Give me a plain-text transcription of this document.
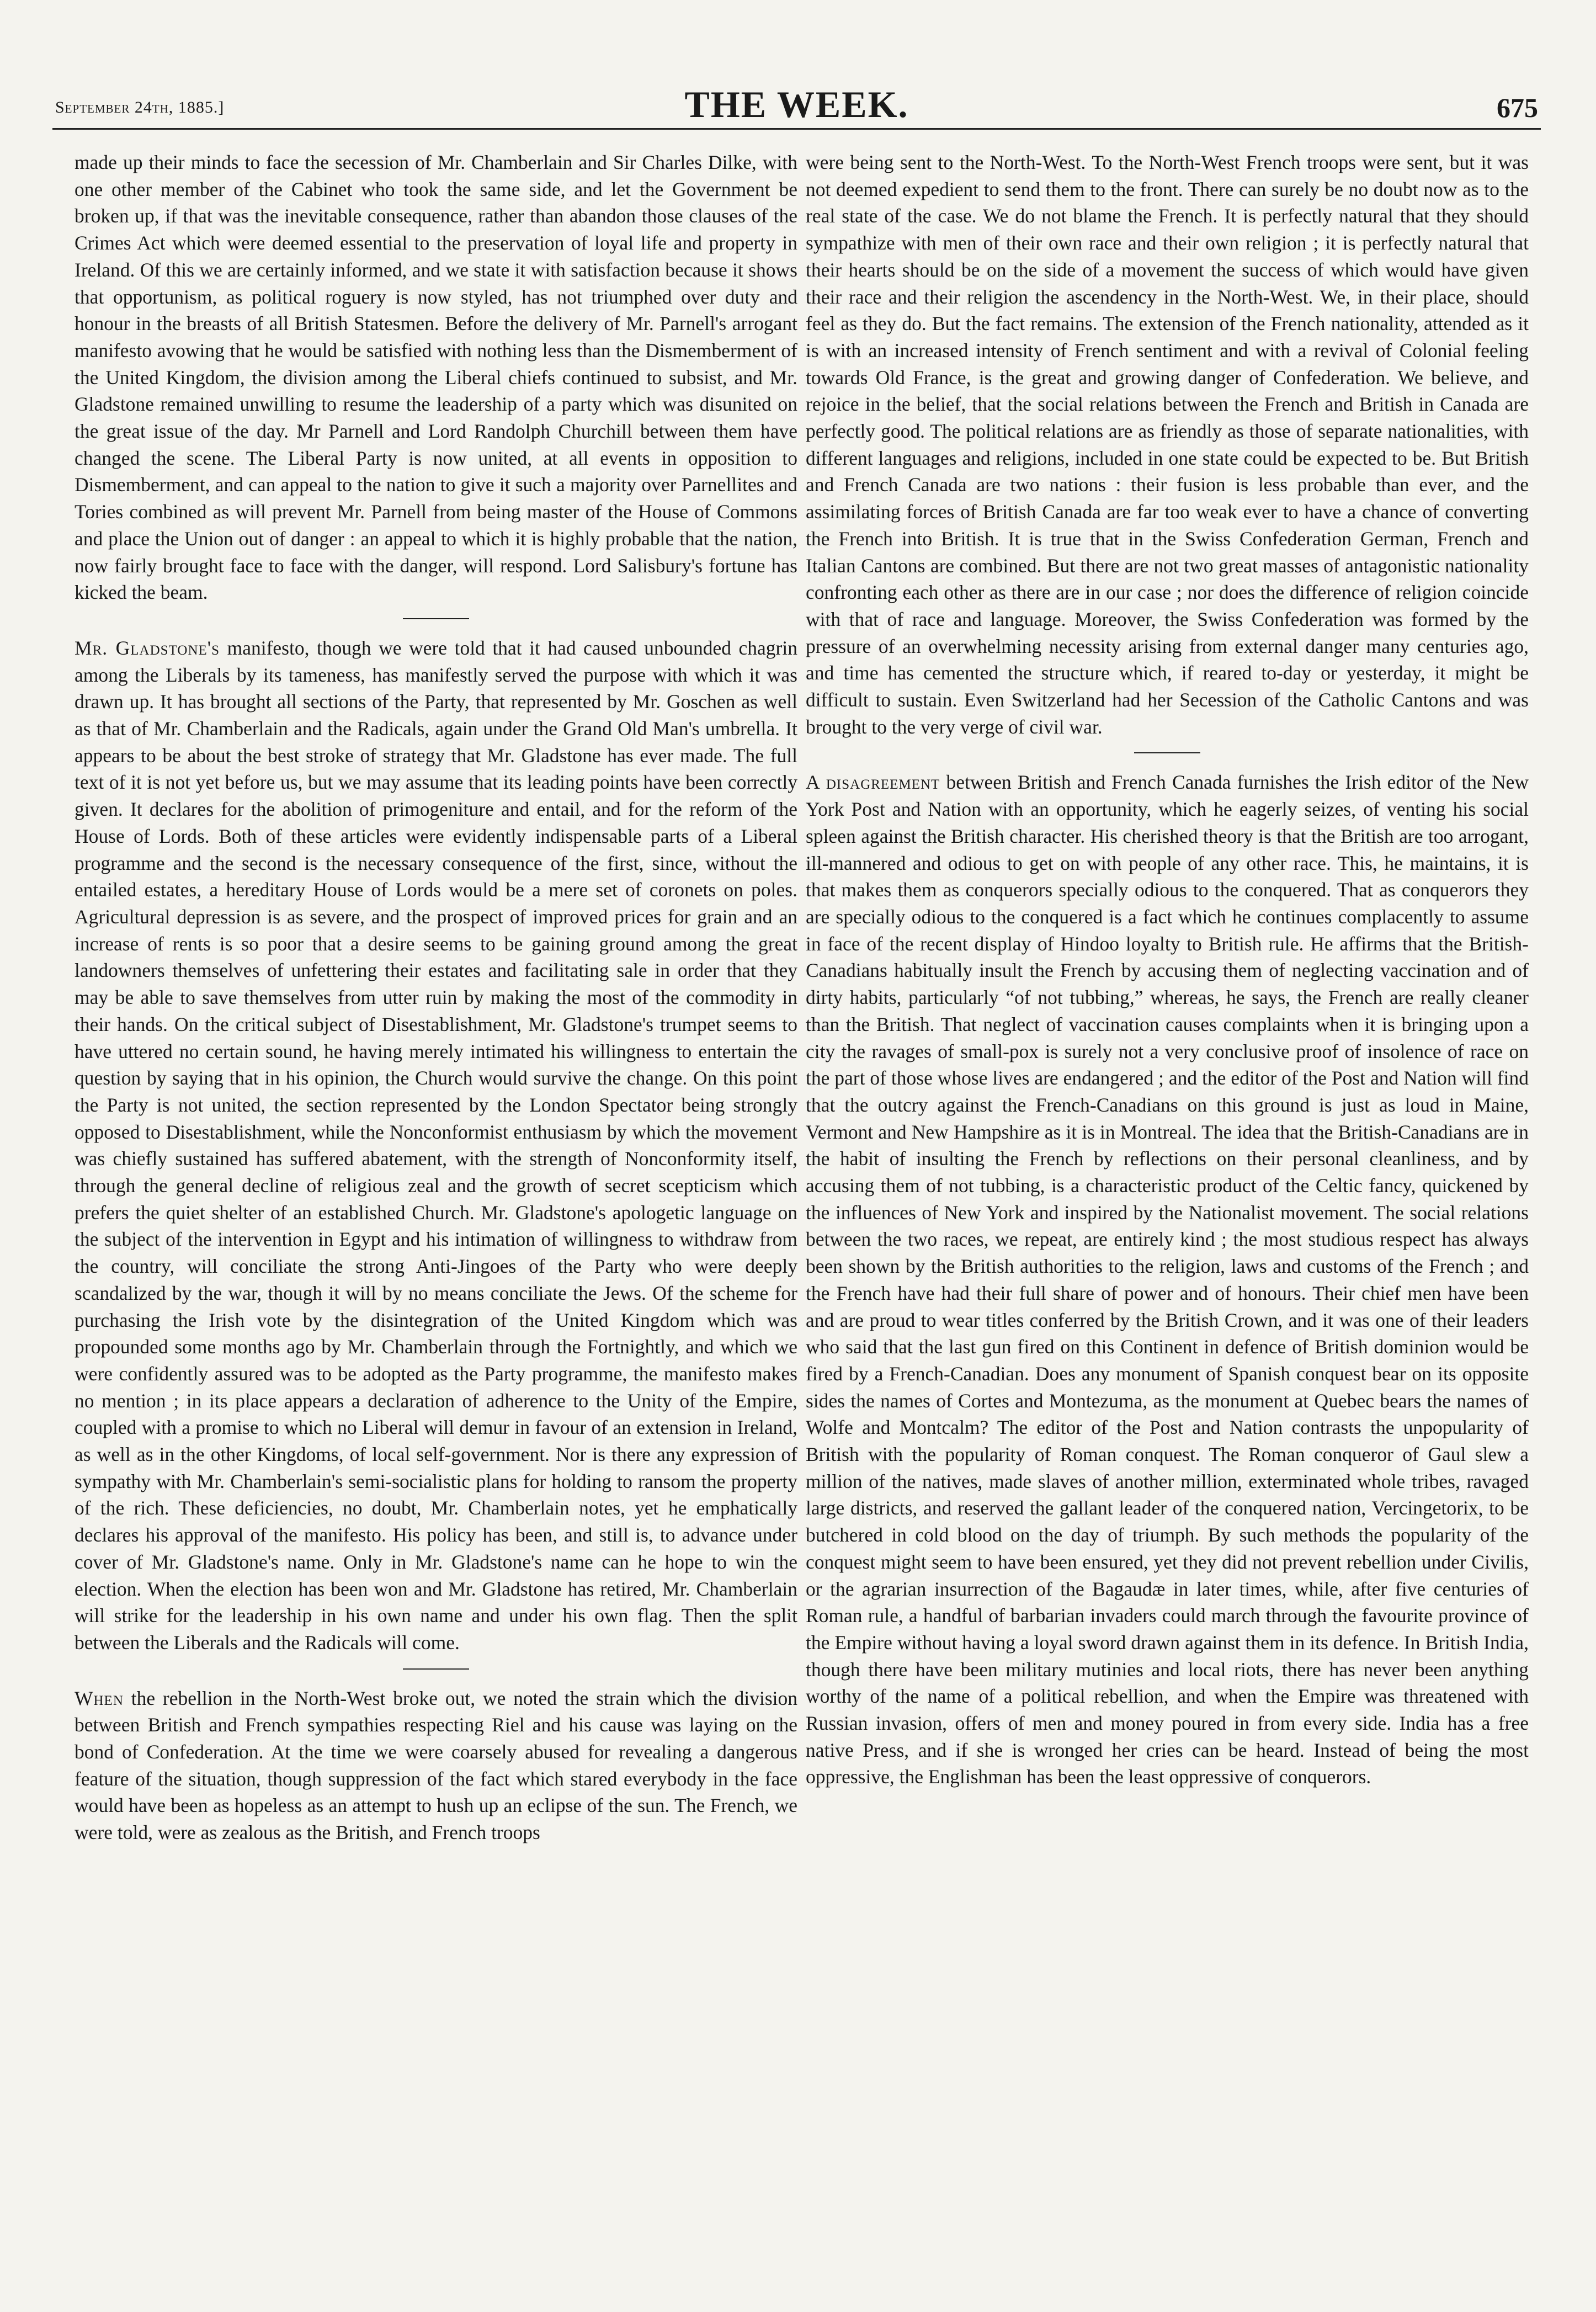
September 24th, 1885.]	THE WEEK.	675

made up their minds to face the secession of Mr. Chamberlain and Sir Charles Dilke, with one other member of the Cabinet who took the same side, and let the Government be broken up, if that was the inevitable consequence, rather than abandon those clauses of the Crimes Act which were deemed essential to the preservation of loyal life and property in Ireland. Of this we are certainly informed, and we state it with satisfaction because it shows that opportunism, as political roguery is now styled, has not triumphed over duty and honour in the breasts of all British Statesmen. Before the delivery of Mr. Parnell's arrogant manifesto avowing that he would be satisfied with nothing less than the Dismemberment of the United Kingdom, the division among the Liberal chiefs continued to subsist, and Mr. Gladstone remained unwilling to resume the leadership of a party which was disunited on the great issue of the day. Mr Parnell and Lord Randolph Churchill between them have changed the scene. The Liberal Party is now united, at all events in opposition to Dismemberment, and can appeal to the nation to give it such a majority over Parnellites and Tories combined as will prevent Mr. Parnell from being master of the House of Commons and place the Union out of danger : an appeal to which it is highly probable that the nation, now fairly brought face to face with the danger, will respond. Lord Salisbury's fortune has kicked the beam.

Mr. Gladstone's manifesto, though we were told that it had caused unbounded chagrin among the Liberals by its tameness, has manifestly served the purpose with which it was drawn up. It has brought all sections of the Party, that represented by Mr. Goschen as well as that of Mr. Chamberlain and the Radicals, again under the Grand Old Man's umbrella. It appears to be about the best stroke of strategy that Mr. Gladstone has ever made. The full text of it is not yet before us, but we may assume that its leading points have been correctly given. It declares for the abolition of primogeniture and entail, and for the reform of the House of Lords. Both of these articles were evidently indispensable parts of a Liberal programme and the second is the necessary consequence of the first, since, without the entailed estates, a hereditary House of Lords would be a mere set of coronets on poles. Agricultural depression is as severe, and the prospect of improved prices for grain and an increase of rents is so poor that a desire seems to be gaining ground among the great landowners themselves of unfettering their estates and facilitating sale in order that they may be able to save themselves from utter ruin by making the most of the commodity in their hands. On the critical subject of Disestablishment, Mr. Gladstone's trumpet seems to have uttered no certain sound, he having merely intimated his willingness to entertain the question by saying that in his opinion, the Church would survive the change. On this point the Party is not united, the section represented by the London Spectator being strongly opposed to Disestablishment, while the Nonconformist enthusiasm by which the movement was chiefly sustained has suffered abatement, with the strength of Nonconformity itself, through the general decline of religious zeal and the growth of secret scepticism which prefers the quiet shelter of an established Church. Mr. Gladstone's apologetic language on the subject of the intervention in Egypt and his intimation of willingness to withdraw from the country, will conciliate the strong Anti-Jingoes of the Party who were deeply scandalized by the war, though it will by no means conciliate the Jews. Of the scheme for purchasing the Irish vote by the disintegration of the United Kingdom which was propounded some months ago by Mr. Chamberlain through the Fortnightly, and which we were confidently assured was to be adopted as the Party programme, the manifesto makes no mention ; in its place appears a declaration of adherence to the Unity of the Empire, coupled with a promise to which no Liberal will demur in favour of an extension in Ireland, as well as in the other Kingdoms, of local self-government. Nor is there any expression of sympathy with Mr. Chamberlain's semi-socialistic plans for holding to ransom the property of the rich. These deficiencies, no doubt, Mr. Chamberlain notes, yet he emphatically declares his approval of the manifesto. His policy has been, and still is, to advance under cover of Mr. Gladstone's name. Only in Mr. Gladstone's name can he hope to win the election. When the election has been won and Mr. Gladstone has retired, Mr. Chamberlain will strike for the leadership in his own name and under his own flag. Then the split between the Liberals and the Radicals will come.

When the rebellion in the North-West broke out, we noted the strain which the division between British and French sympathies respecting Riel and his cause was laying on the bond of Confederation. At the time we were coarsely abused for revealing a dangerous feature of the situation, though suppression of the fact which stared everybody in the face would have been as hopeless as an attempt to hush up an eclipse of the sun. The French, we were told, were as zealous as the British, and French troops

were being sent to the North-West. To the North-West French troops were sent, but it was not deemed expedient to send them to the front. There can surely be no doubt now as to the real state of the case. We do not blame the French. It is perfectly natural that they should sympathize with men of their own race and their own religion ; it is perfectly natural that their hearts should be on the side of a movement the success of which would have given their race and their religion the ascendency in the North-West. We, in their place, should feel as they do. But the fact remains. The extension of the French nationality, attended as it is with an increased intensity of French sentiment and with a revival of Colonial feeling towards Old France, is the great and growing danger of Confederation. We believe, and rejoice in the belief, that the social relations between the French and British in Canada are perfectly good. The political relations are as friendly as those of separate nationalities, with different languages and religions, included in one state could be expected to be. But British and French Canada are two nations : their fusion is less probable than ever, and the assimilating forces of British Canada are far too weak ever to have a chance of converting the French into British. It is true that in the Swiss Confederation German, French and Italian Cantons are combined. But there are not two great masses of antagonistic nationality confronting each other as there are in our case ; nor does the difference of religion coincide with that of race and language. Moreover, the Swiss Confederation was formed by the pressure of an overwhelming necessity arising from external danger many centuries ago, and time has cemented the structure which, if reared to-day or yesterday, it might be difficult to sustain. Even Switzerland had her Secession of the Catholic Cantons and was brought to the very verge of civil war.

A disagreement between British and French Canada furnishes the Irish editor of the New York Post and Nation with an opportunity, which he eagerly seizes, of venting his social spleen against the British character. His cherished theory is that the British are too arrogant, ill-mannered and odious to get on with people of any other race. This, he maintains, it is that makes them as conquerors specially odious to the conquered. That as conquerors they are specially odious to the conquered is a fact which he continues complacently to assume in face of the recent display of Hindoo loyalty to British rule. He affirms that the British-Canadians habitually insult the French by accusing them of neglecting vaccination and of dirty habits, particularly “of not tubbing,” whereas, he says, the French are really cleaner than the British. That neglect of vaccination causes complaints when it is bringing upon a city the ravages of small-pox is surely not a very conclusive proof of insolence of race on the part of those whose lives are endangered ; and the editor of the Post and Nation will find that the outcry against the French-Canadians on this ground is just as loud in Maine, Vermont and New Hampshire as it is in Montreal. The idea that the British-Canadians are in the habit of insulting the French by reflections on their personal cleanliness, and by accusing them of not tubbing, is a characteristic product of the Celtic fancy, quickened by the influences of New York and inspired by the Nationalist movement. The social relations between the two races, we repeat, are entirely kind ; the most studious respect has always been shown by the British authorities to the religion, laws and customs of the French ; and the French have had their full share of power and of honours. Their chief men have been and are proud to wear titles conferred by the British Crown, and it was one of their leaders who said that the last gun fired on this Continent in defence of British dominion would be fired by a French-Canadian. Does any monument of Spanish conquest bear on its opposite sides the names of Cortes and Montezuma, as the monument at Quebec bears the names of Wolfe and Montcalm? The editor of the Post and Nation contrasts the unpopularity of British with the popularity of Roman conquest. The Roman conqueror of Gaul slew a million of the natives, made slaves of another million, exterminated whole tribes, ravaged large districts, and reserved the gallant leader of the conquered nation, Vercingetorix, to be butchered in cold blood on the day of triumph. By such methods the popularity of the conquest might seem to have been ensured, yet they did not prevent rebellion under Civilis, or the agrarian insurrection of the Bagaudæ in later times, while, after five centuries of Roman rule, a handful of barbarian invaders could march through the favourite province of the Empire without having a loyal sword drawn against them in its defence. In British India, though there have been military mutinies and local riots, there has never been anything worthy of the name of a political rebellion, and when the Empire was threatened with Russian invasion, offers of men and money poured in from every side. India has a free native Press, and if she is wronged her cries can be heard. Instead of being the most oppressive, the Englishman has been the least oppressive of conquerors.
